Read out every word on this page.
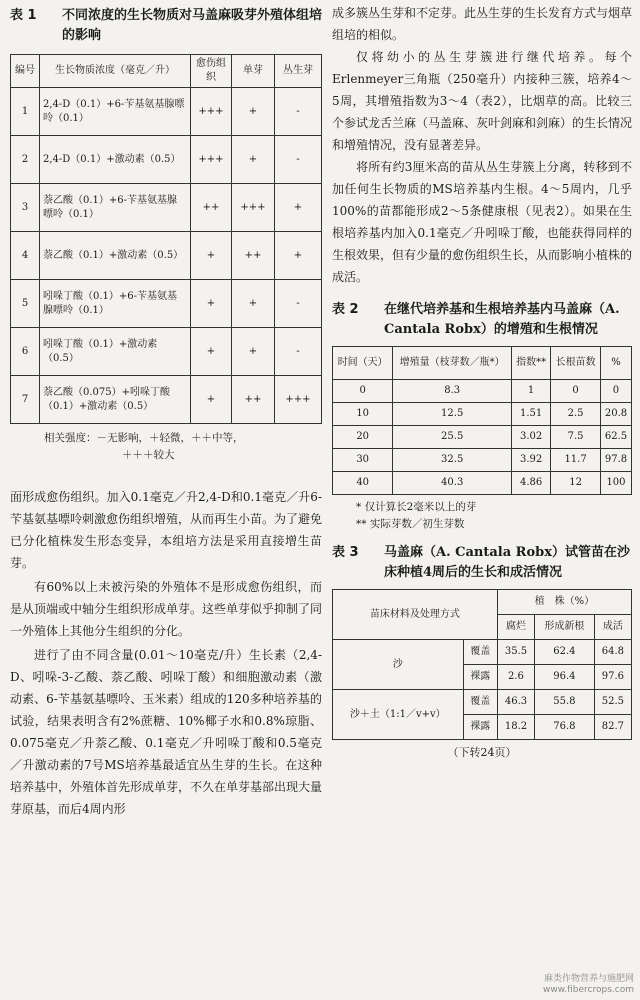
表 1	不同浓度的生长物质对马盖麻吸芽外殖体组培的影响
编号	生长物质浓度（毫克／升）	愈伤组织	单芽	丛生芽
1	2,4-D（0.1）+6-苄基氨基腺嘌呤（0.1）	+++	+	-
2	2,4-D（0.1）+激动素（0.5）	+++	+	-
3	萘乙酸（0.1）+6-苄基氨基腺嘌呤（0.1）	++	+++	+
4	萘乙酸（0.1）+激动素（0.5）	+	++	+
5	吲哚丁酸（0.1）+6-苄基氨基腺嘌呤（0.1）	+	+	-
6	吲哚丁酸（0.1）+激动素（0.5）	+	+	-
7	萘乙酸（0.075）+吲哚丁酸（0.1）+激动素（0.5）	+	++	+++
相关强度：－无影响，＋轻微，＋＋中等，
＋＋＋较大

面形成愈伤组织。加入0.1毫克／升2,4-D和0.1毫克／升6-苄基氨基嘌呤刺激愈伤组织增殖，从而再生小苗。为了避免已分化植株发生形态变异，本组培方法是采用直接增生苗芽。

有60%以上未被污染的外殖体不是形成愈伤组织，而是从顶端或中轴分生组织形成单芽。这些单芽似乎抑制了同一外殖体上其他分生组织的分化。

进行了由不同含量(0.01～10毫克/升）生长素（2,4-D、吲哚-3-乙酸、萘乙酸、吲哚丁酸）和细胞激动素（激动素、6-苄基氨基嘌呤、玉米素）组成的120多种培养基的试验，结果表明含有2%蔗糖、10%椰子水和0.8%琼脂、0.075毫克／升萘乙酸、0.1毫克／升吲哚丁酸和0.5毫克／升激动素的7号MS培养基最适宜丛生芽的生长。在这种培养基中，外殖体首先形成单芽，不久在单芽基部出现大量芽原基，而后4周内形

成多簇丛生芽和不定芽。此丛生芽的生长发育方式与烟草组培的相似。

仅将幼小的丛生芽簇进行继代培养。每个Erlenmeyer三角瓶（250毫升）内接种三簇，培养4～5周，其增殖指数为3～4（表2），比烟草的高。比较三个参试龙舌兰麻（马盖麻、灰叶剑麻和剑麻）的生长情况和增殖情况，没有显著差异。

将所有约3厘米高的苗从丛生芽簇上分离，转移到不加任何生长物质的MS培养基内生根。4～5周内，几乎100%的苗都能形成2～5条健康根（见表2）。如果在生根培养基内加入0.1毫克／升吲哚丁酸，也能获得同样的生根效果，但有少量的愈伤组织生长，从而影响小植株的成活。

表 2	在继代培养基和生根培养基内马盖麻（A. Cantala Robx）的增殖和生根情况
时间（天）	增殖量（枝芽数／瓶*）	指数**	长根苗数	%
0	8.3	1	0	0
10	12.5	1.51	2.5	20.8
20	25.5	3.02	7.5	62.5
30	32.5	3.92	11.7	97.8
40	40.3	4.86	12	100
* 仅计算长2毫米以上的芽
** 实际芽数／初生芽数
表 3	马盖麻（A. Cantala Robx）试管苗在沙床种植4周后的生长和成活情况
苗床材料及处理方式		植　株（%）		
		腐烂	形成新根	成活
沙	覆盖	35.5	62.4	64.8
	裸露	2.6	96.4	97.6
沙＋土（1:1／v+v）	覆盖	46.3	55.8	52.5
	裸露	18.2	76.8	82.7
（下转24页）
麻类作物营养与施肥网
www.fibercrops.com
